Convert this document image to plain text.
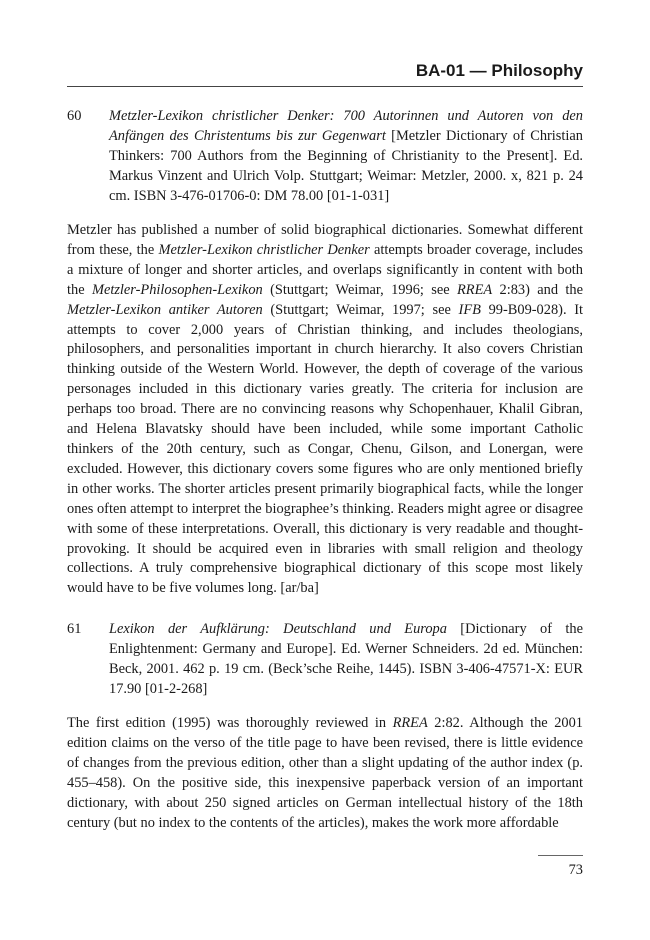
BA-01 — Philosophy
60	Metzler-Lexikon christlicher Denker: 700 Autorinnen und Autoren von den Anfängen des Christentums bis zur Gegenwart [Metzler Dictionary of Christian Thinkers: 700 Authors from the Beginning of Christianity to the Present]. Ed. Markus Vinzent and Ulrich Volp. Stuttgart; Weimar: Metzler, 2000. x, 821 p. 24 cm. ISBN 3-476-01706-0: DM 78.00 [01-1-031]

Metzler has published a number of solid biographical dictionaries. Somewhat different from these, the Metzler-Lexikon christlicher Denker attempts broader coverage, includes a mixture of longer and shorter articles, and overlaps significantly in content with both the Metzler-Philosophen-Lexikon (Stuttgart; Weimar, 1996; see RREA 2:83) and the Metzler-Lexikon antiker Autoren (Stuttgart; Weimar, 1997; see IFB 99-B09-028). It attempts to cover 2,000 years of Christian thinking, and includes theologians, philosophers, and personalities important in church hierarchy. It also covers Christian thinking outside of the Western World. However, the depth of coverage of the various personages included in this dictionary varies greatly. The criteria for inclusion are perhaps too broad. There are no convincing reasons why Schopenhauer, Khalil Gibran, and Helena Blavatsky should have been included, while some important Catholic thinkers of the 20th century, such as Congar, Chenu, Gilson, and Lonergan, were excluded. However, this dictionary covers some figures who are only mentioned briefly in other works. The shorter articles present primarily biographical facts, while the longer ones often attempt to interpret the biographee’s thinking. Readers might agree or disagree with some of these interpretations. Overall, this dictionary is very readable and thought-provoking. It should be acquired even in libraries with small religion and theology collections. A truly comprehensive biographical dictionary of this scope most likely would have to be five volumes long. [ar/ba]

61	Lexikon der Aufklärung: Deutschland und Europa [Dictionary of the Enlightenment: Germany and Europe]. Ed. Werner Schneiders. 2d ed. München: Beck, 2001. 462 p. 19 cm. (Beck’sche Reihe, 1445). ISBN 3-406-47571-X: EUR 17.90 [01-2-268]

The first edition (1995) was thoroughly reviewed in RREA 2:82. Although the 2001 edition claims on the verso of the title page to have been revised, there is little evidence of changes from the previous edition, other than a slight updating of the author index (p. 455–458). On the positive side, this inexpensive paperback version of an important dictionary, with about 250 signed articles on German intellectual history of the 18th century (but no index to the contents of the articles), makes the work more affordable

73
